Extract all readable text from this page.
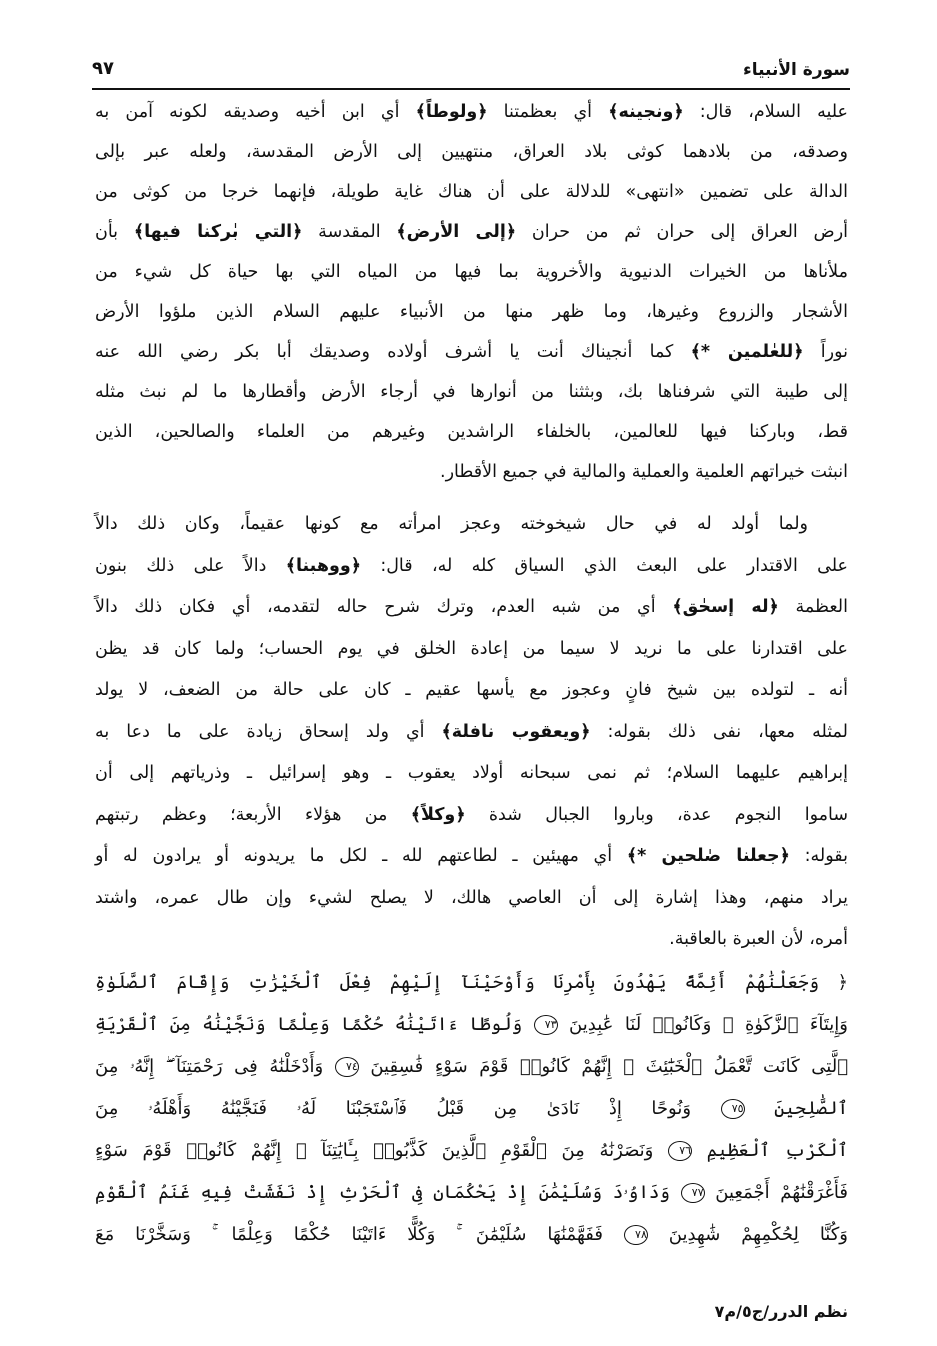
سورة الأنبياء
٩٧
عليه السلام، قال: ﴿ونجينه﴾ أي بعظمتنا ﴿ولوطاً﴾ أي ابن أخيه وصديقه لكونه آمن به
وصدقه، من بلادهما كوثى بلاد العراق، منتهيين إلى الأرض المقدسة، ولعله عبر بإلى
الدالة على تضمين «انتهى» للدلالة على أن هناك غاية طويلة، فإنهما خرجا من كوثى من
أرض العراق إلى حران ثم من حران ﴿إلى الأرض﴾ المقدسة ﴿التي بٰركنا فيها﴾ بأن
ملأناها من الخيرات الدنيوية والأخروية بما فيها من المياه التي بها حياة كل شيء من
الأشجار والزروع وغيرها، وما ظهر منها من الأنبياء عليهم السلام الذين ملؤوا الأرض
نوراً ﴿للعٰلمين *﴾ كما أنجيناك أنت يا أشرف أولاده وصديقك أبا بكر رضي الله عنه
إلى طيبة التي شرفناها بك، وبثثنا من أنوارها في أرجاء الأرض وأقطارها ما لم نبث مثله
قط، وباركنا فيها للعالمين، بالخلفاء الراشدين وغيرهم من العلماء والصالحين، الذين
انبثت خيراتهم العلمية والعملية والمالية في جميع الأقطار.
ولما أولد له في حال شيخوخته وعجز امرأته مع كونها عقيماً، وكان ذلك دالاً
على الاقتدار على البعث الذي السياق كله له، قال: ﴿ووهبنا﴾ دالاً على ذلك بنون
العظمة ﴿له إسحٰق﴾ أي من شبه العدم، وترك شرح حاله لتقدمه، أي فكان ذلك دالاً
على اقتدارنا على ما نريد لا سيما من إعادة الخلق في يوم الحساب؛ ولما كان قد يظن
أنه ـ لتولده بين شيخ فانٍ وعجوز مع يأسها عقيم ـ كان على حالة من الضعف، لا يولد
لمثله معها، نفى ذلك بقوله: ﴿ويعقوب نافلة﴾ أي ولد إسحاق زيادة على ما دعا به
إبراهيم عليهما السلام؛ ثم نمى سبحانه أولاد يعقوب ـ وهو إسرائيل ـ وذرياتهم إلى أن
ساموا النجوم عدة، وباروا الجبال شدة ﴿وكلاً﴾ من هؤلاء الأربعة؛ وعظم رتبتهم
بقوله: ﴿جعلنا صٰلحين *﴾ أي مهيئين ـ لطاعتهم لله ـ لكل ما يريدونه أو يرادون له أو
يراد منهم، وهذا إشارة إلى أن العاصي هالك، لا يصلح لشيء وإن طال عمره، واشتد
أمره، لأن العبرة بالعاقبة.
﴿ وَجَعَلْنَٰهُمْ أَئِمَّةً يَهْدُونَ بِأَمْرِنَا وَأَوْحَيْنَآ إِلَيْهِمْ فِعْلَ ٱلْخَيْرَٰتِ وَإِقَامَ ٱلصَّلَوٰةِ
وَإِيتَآءَ ٱلزَّكَوٰةِ ۖ وَكَانُوا۟ لَنَا عَٰبِدِينَ ٧٣ وَلُوطًا ءَاتَيْنَٰهُ حُكْمًا وَعِلْمًا وَنَجَّيْنَٰهُ مِنَ ٱلْقَرْيَةِ
ٱلَّتِى كَانَت تَّعْمَلُ ٱلْخَبَٰٓئِثَ ۗ إِنَّهُمْ كَانُوا۟ قَوْمَ سَوْءٍ فَٰسِقِينَ ٧٤ وَأَدْخَلْنَٰهُ فِى رَحْمَتِنَآ ۖ إِنَّهُۥ مِنَ
ٱلصَّٰلِحِينَ ٧٥ وَنُوحًا إِذْ نَادَىٰ مِن قَبْلُ فَٱسْتَجَبْنَا لَهُۥ فَنَجَّيْنَٰهُ وَأَهْلَهُۥ مِنَ
ٱلْكَرْبِ ٱلْعَظِيمِ ٧٦ وَنَصَرْنَٰهُ مِنَ ٱلْقَوْمِ ٱلَّذِينَ كَذَّبُوا۟ بِـَٔايَٰتِنَآ ۚ إِنَّهُمْ كَانُوا۟ قَوْمَ سَوْءٍ
فَأَغْرَقْنَٰهُمْ أَجْمَعِينَ ٧٧ وَدَاوُۥدَ وَسُلَيْمَٰنَ إِذْ يَحْكُمَانِ فِى ٱلْحَرْثِ إِذْ نَفَشَتْ فِيهِ غَنَمُ ٱلْقَوْمِ
وَكُنَّا لِحُكْمِهِمْ شَٰهِدِينَ ٧٨ فَفَهَّمْنَٰهَا سُلَيْمَٰنَ ۚ وَكُلًّا ءَاتَيْنَا حُكْمًا وَعِلْمًا ۚ وَسَخَّرْنَا مَعَ
نظم الدرر/ج٥/م٧
